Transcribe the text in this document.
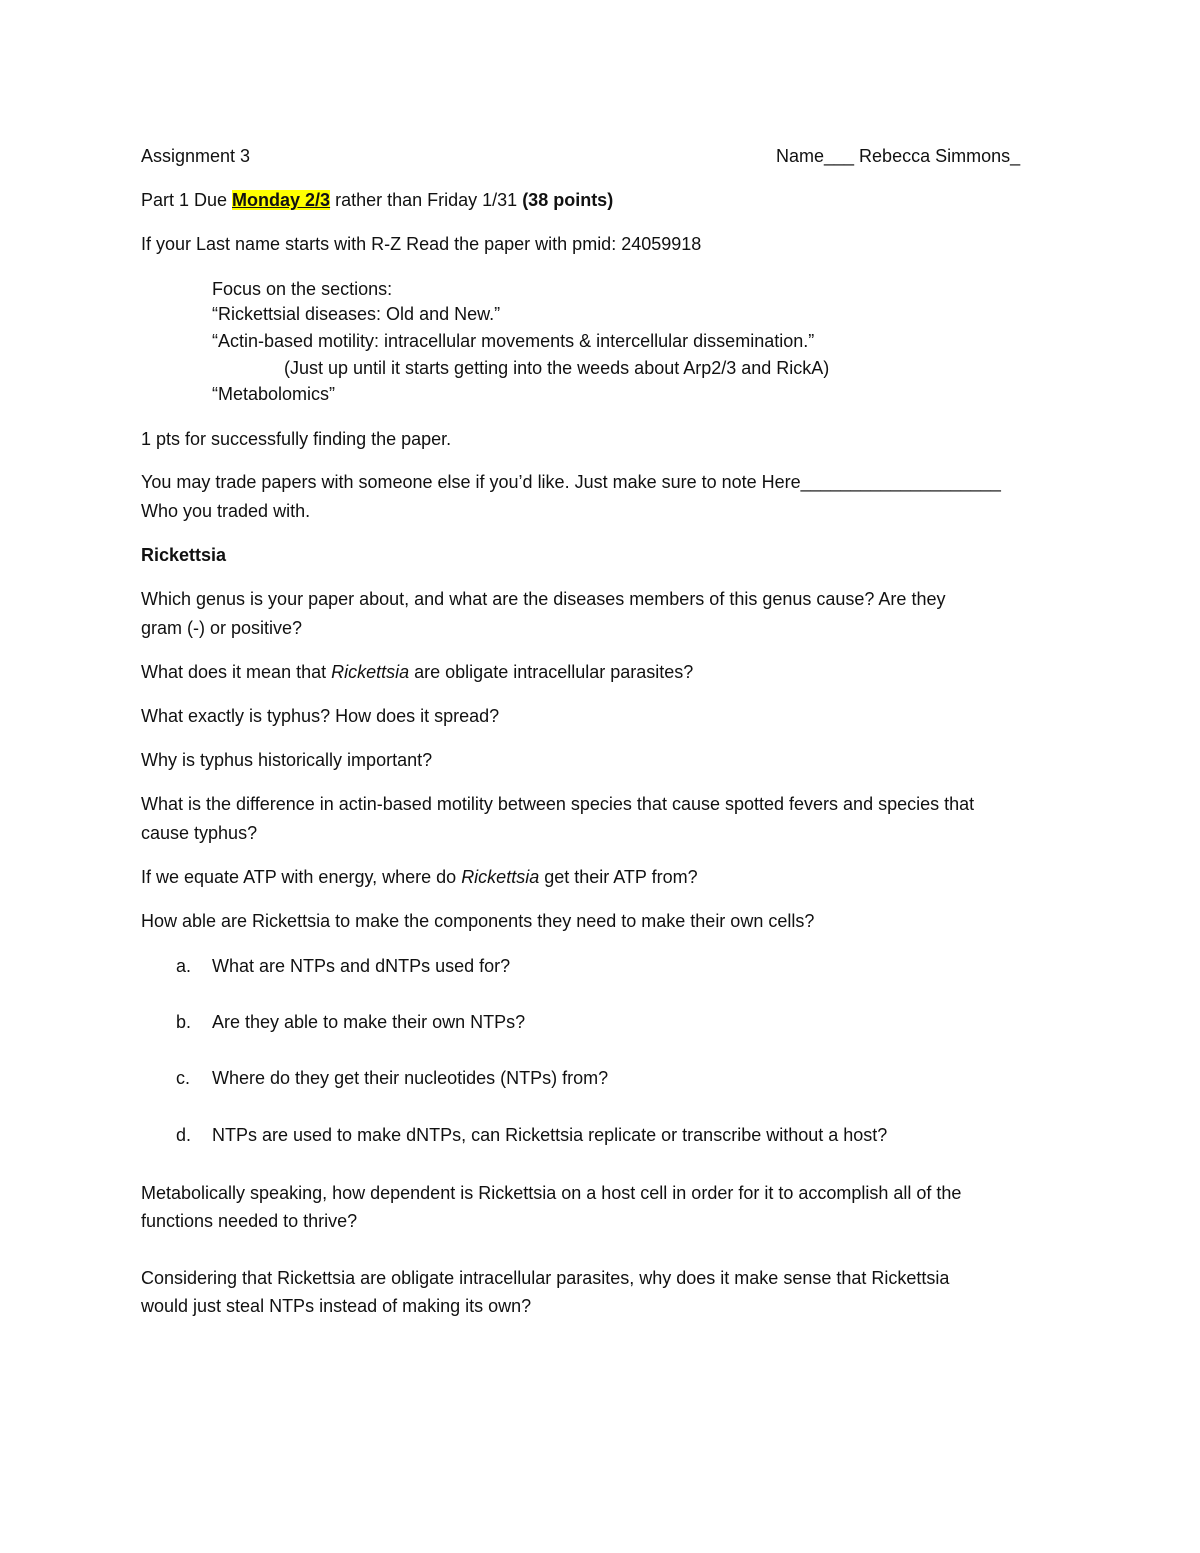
Assignment 3	Name___ Rebecca Simmons_
Part 1 Due Monday 2/3 rather than Friday 1/31 (38 points)
If your Last name starts with R-Z Read the paper with pmid: 24059918
Focus on the sections:
“Rickettsial diseases: Old and New.”
“Actin-based motility: intracellular movements & intercellular dissemination.”
(Just up until it starts getting into the weeds about Arp2/3 and RickA)
“Metabolomics”
1 pts for successfully finding the paper.
You may trade papers with someone else if you’d like. Just make sure to note Here____________________
Who you traded with.
Rickettsia
Which genus is your paper about, and what are the diseases members of this genus cause? Are they
gram (-) or positive?
What does it mean that Rickettsia are obligate intracellular parasites?
What exactly is typhus? How does it spread?
Why is typhus historically important?
What is the difference in actin-based motility between species that cause spotted fevers and species that
cause typhus?
If we equate ATP with energy, where do Rickettsia get their ATP from?
How able are Rickettsia to make the components they need to make their own cells?
a. What are NTPs and dNTPs used for?
b. Are they able to make their own NTPs?
c. Where do they get their nucleotides (NTPs) from?
d. NTPs are used to make dNTPs, can Rickettsia replicate or transcribe without a host?
Metabolically speaking, how dependent is Rickettsia on a host cell in order for it to accomplish all of the
functions needed to thrive?
Considering that Rickettsia are obligate intracellular parasites, why does it make sense that Rickettsia
would just steal NTPs instead of making its own?
